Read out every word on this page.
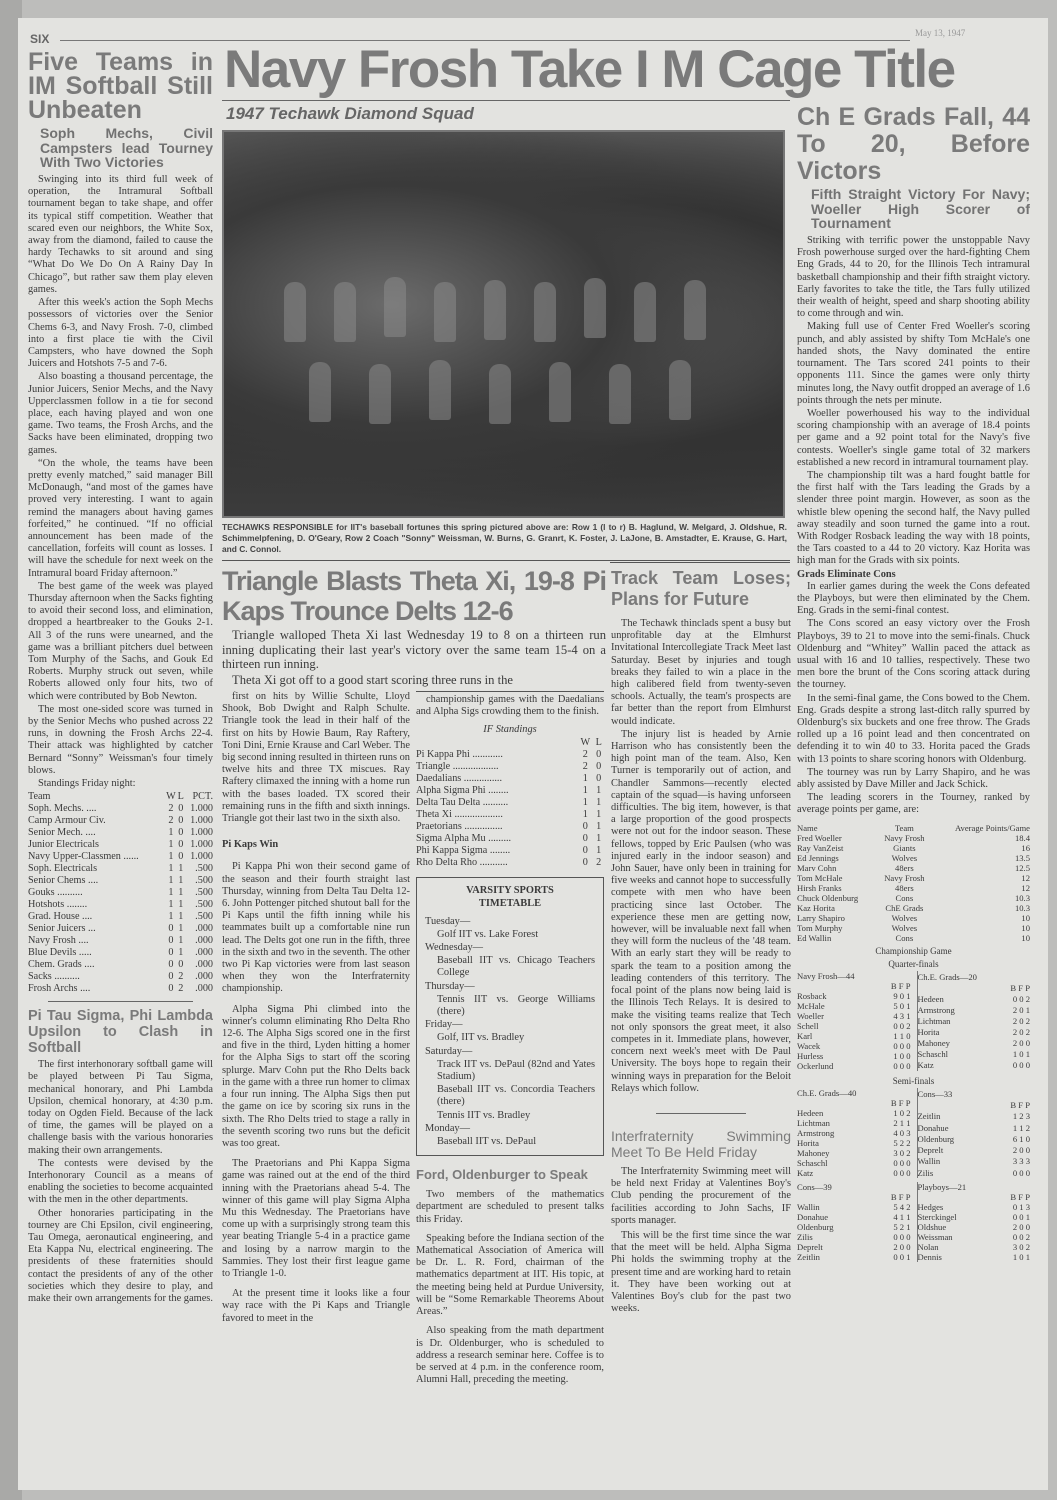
SIX	May 13, 1947
Navy Frosh Take I M Cage Title
1947 Techawk Diamond Squad
TECHAWKS RESPONSIBLE for IIT's baseball fortunes this spring pictured above are: Row 1 (l to r) B. Haglund, W. Melgard, J. Oldshue, R. Schimmelpfening, D. O'Geary, Row 2 Coach "Sonny" Weissman, W. Burns, G. Granrt, K. Foster, J. LaJone, B. Amstadter, E. Krause, G. Hart, and C. Connol.
Five Teams in IM Softball Still Unbeaten
Soph Mechs, Civil Campsters lead Tourney With Two Victories

Swinging into its third full week of operation, the Intramural Softball tournament began to take shape, and offer its typical stiff competition. Weather that scared even our neighbors, the White Sox, away from the diamond, failed to cause the hardy Techawks to sit around and sing “What Do We Do On A Rainy Day In Chicago”, but rather saw them play eleven games.

After this week's action the Soph Mechs possessors of victories over the Senior Chems 6-3, and Navy Frosh. 7-0, climbed into a first place tie with the Civil Campsters, who have downed the Soph Juicers and Hotshots 7-5 and 7-6.

Also boasting a thousand percentage, the Junior Juicers, Senior Mechs, and the Navy Upperclassmen follow in a tie for second place, each having played and won one game. Two teams, the Frosh Archs, and the Sacks have been eliminated, dropping two games.

“On the whole, the teams have been pretty evenly matched,” said manager Bill McDonaugh, “and most of the games have proved very interesting. I want to again remind the managers about having games forfeited,” he continued. “If no official announcement has been made of the cancellation, forfeits will count as losses. I will have the schedule for next week on the Intramural board Friday afternoon.”

The best game of the week was played Thursday afternoon when the Sacks fighting to avoid their second loss, and elimination, dropped a heartbreaker to the Gouks 2-1. All 3 of the runs were unearned, and the game was a brilliant pitchers duel between Tom Murphy of the Sachs, and Gouk Ed Roberts. Murphy struck out seven, while Roberts allowed only four hits, two of which were contributed by Bob Newton.

The most one-sided score was turned in by the Senior Mechs who pushed across 22 runs, in downing the Frosh Archs 22-4. Their attack was highlighted by catcher Bernard “Sonny” Weissman's four timely blows.

Standings Friday night:

Team	W	L	PCT.
Soph. Mechs. ....	2	0	1.000
Camp Armour Civ.	2	0	1.000
Senior Mech. ....	1	0	1.000
Junior Electricals	1	0	1.000
Navy Upper-Classmen ......	1	0	1.000
Soph. Electricals	1	1	.500
Senior Chems ....	1	1	.500
Gouks ..........	1	1	.500
Hotshots ........	1	1	.500
Grad. House ....	1	1	.500
Senior Juicers ...	0	1	.000
Navy Frosh ....	0	1	.000
Blue Devils .....	0	1	.000
Chem. Grads ....	0	0	.000
Sacks ..........	0	2	.000
Frosh Archs ....	0	2	.000
Pi Tau Sigma, Phi Lambda Upsilon to Clash in Softball

The first interhonorary softball game will be played between Pi Tau Sigma, mechanical honorary, and Phi Lambda Upsilon, chemical honorary, at 4:30 p.m. today on Ogden Field. Because of the lack of time, the games will be played on a challenge basis with the various honoraries making their own arrangements.

The contests were devised by the Interhonorary Council as a means of enabling the societies to become acquainted with the men in the other departments.

Other honoraries participating in the tourney are Chi Epsilon, civil engineering, Tau Omega, aeronautical engineering, and Eta Kappa Nu, electrical engineering. The presidents of these fraternities should contact the presidents of any of the other societies which they desire to play, and make their own arrangements for the games.

Triangle Blasts Theta Xi, 19-8 Pi Kaps Trounce Delts 12-6

Triangle walloped Theta Xi last Wednesday 19 to 8 on a thirteen run inning duplicating their last year's victory over the same team 15-4 on a thirteen run inning.

Theta Xi got off to a good start scoring three runs in the

first on hits by Willie Schulte, Lloyd Shook, Bob Dwight and Ralph Schulte. Triangle took the lead in their half of the first on hits by Howie Baum, Ray Raftery, Toni Dini, Ernie Krause and Carl Weber. The big second inning resulted in thirteen runs on twelve hits and three TX miscues. Ray Raftery climaxed the inning with a home run with the bases loaded. TX scored their remaining runs in the fifth and sixth innings. Triangle got their last two in the sixth also.

Pi Kaps Win

Pi Kappa Phi won their second game of the season and their fourth straight last Thursday, winning from Delta Tau Delta 12-6. John Pottenger pitched shutout ball for the Pi Kaps until the fifth inning while his teammates built up a comfortable nine run lead. The Delts got one run in the fifth, three in the sixth and two in the seventh. The other two Pi Kap victories were from last season when they won the Interfraternity championship.

Alpha Sigma Phi climbed into the winner's column eliminating Rho Delta Rho 12-6. The Alpha Sigs scored one in the first and five in the third, Lyden hitting a homer for the Alpha Sigs to start off the scoring splurge. Marv Cohn put the Rho Delts back in the game with a three run homer to climax a four run inning. The Alpha Sigs then put the game on ice by scoring six runs in the sixth. The Rho Delts tried to stage a rally in the seventh scoring two runs but the deficit was too great.

The Praetorians and Phi Kappa Sigma game was rained out at the end of the third inning with the Praetorians ahead 5-4. The winner of this game will play Sigma Alpha Mu this Wednesday. The Praetorians have come up with a surprisingly strong team this year beating Triangle 5-4 in a practice game and losing by a narrow margin to the Sammies. They lost their first league game to Triangle 1-0.

At the present time it looks like a four way race with the Pi Kaps and Triangle favored to meet in the

championship games with the Daedalians and Alpha Sigs crowding them to the finish.

IF Standings

	W	L
Pi Kappa Phi ............	2	0
Triangle ..................	2	0
Daedalians ...............	1	0
Alpha Sigma Phi ........	1	1
Delta Tau Delta ..........	1	1
Theta Xi ...................	1	1
Praetorians ...............	0	1
Sigma Alpha Mu .........	0	1
Phi Kappa Sigma ........	0	1
Rho Delta Rho ...........	0	2
VARSITY SPORTS TIMETABLE

Tuesday—

Golf IIT vs. Lake Forest

Wednesday—

Baseball IIT vs. Chicago Teachers College

Thursday—

Tennis IIT vs. George Williams (there)

Friday—

Golf, IIT vs. Bradley

Saturday—

Track IIT vs. DePaul (82nd and Yates Stadium)

Baseball IIT vs. Concordia Teachers (there)

Tennis IIT vs. Bradley

Monday—

Baseball IIT vs. DePaul

Ford, Oldenburger to Speak

Two members of the mathematics department are scheduled to present talks this Friday.

Speaking before the Indiana section of the Mathematical Association of America will be Dr. L. R. Ford, chairman of the mathematics department at IIT. His topic, at the meeting being held at Purdue University, will be “Some Remarkable Theorems About Areas.”

Also speaking from the math department is Dr. Oldenburger, who is scheduled to address a research seminar here. Coffee is to be served at 4 p.m. in the conference room, Alumni Hall, preceding the meeting.

Track Team Loses; Plans for Future

The Techawk thinclads spent a busy but unprofitable day at the Elmhurst Invitational Intercollegiate Track Meet last Saturday. Beset by injuries and tough breaks they failed to win a place in the high calibered field from twenty-seven schools. Actually, the team's prospects are far better than the report from Elmhurst would indicate.

The injury list is headed by Arnie Harrison who has consistently been the high point man of the team. Also, Ken Turner is temporarily out of action, and Chandler Sammons—recently elected captain of the squad—is having unforseen difficulties. The big item, however, is that a large proportion of the good prospects were not out for the indoor season. These fellows, topped by Eric Paulsen (who was injured early in the indoor season) and John Sauer, have only been in training for five weeks and cannot hope to successfully compete with men who have been practicing since last October. The experience these men are getting now, however, will be invaluable next fall when they will form the nucleus of the '48 team. With an early start they will be ready to spark the team to a position among the leading contenders of this territory. The focal point of the plans now being laid is the Illinois Tech Relays. It is desired to make the visiting teams realize that Tech not only sponsors the great meet, it also competes in it. Immediate plans, however, concern next week's meet with De Paul University. The boys hope to regain their winning ways in preparation for the Beloit Relays which follow.

Interfraternity Swimming Meet To Be Held Friday

The Interfraternity Swimming meet will be held next Friday at Valentines Boy's Club pending the procurement of the facilities according to John Sachs, IF sports manager.

This will be the first time since the war that the meet will be held. Alpha Sigma Phi holds the swimming trophy at the present time and are working hard to retain it. They have been working out at Valentines Boy's club for the past two weeks.

Ch E Grads Fall, 44 To 20, Before Victors
Fifth Straight Victory For Navy; Woeller High Scorer of Tournament

Striking with terrific power the unstoppable Navy Frosh powerhouse surged over the hard-fighting Chem Eng Grads, 44 to 20, for the Illinois Tech intramural basketball championship and their fifth straight victory. Early favorites to take the title, the Tars fully utilized their wealth of height, speed and sharp shooting ability to come through and win.

Making full use of Center Fred Woeller's scoring punch, and ably assisted by shifty Tom McHale's one handed shots, the Navy dominated the entire tournament. The Tars scored 241 points to their opponents 111. Since the games were only thirty minutes long, the Navy outfit dropped an average of 1.6 points through the nets per minute.

Woeller powerhoused his way to the individual scoring championship with an average of 18.4 points per game and a 92 point total for the Navy's five contests. Woeller's single game total of 32 markers established a new record in intramural tournament play.

The championship tilt was a hard fought battle for the first half with the Tars leading the Grads by a slender three point margin. However, as soon as the whistle blew opening the second half, the Navy pulled away steadily and soon turned the game into a rout. With Rodger Rosback leading the way with 18 points, the Tars coasted to a 44 to 20 victory. Kaz Horita was high man for the Grads with six points.

Grads Eliminate Cons

In earlier games during the week the Cons defeated the Playboys, but were then eliminated by the Chem. Eng. Grads in the semi-final contest.

The Cons scored an easy victory over the Frosh Playboys, 39 to 21 to move into the semi-finals. Chuck Oldenburg and “Whitey” Wallin paced the attack as usual with 16 and 10 tallies, respectively. These two men bore the brunt of the Cons scoring attack during the tourney.

In the semi-final game, the Cons bowed to the Chem. Eng. Grads despite a strong last-ditch rally spurred by Oldenburg's six buckets and one free throw. The Grads rolled up a 16 point lead and then concentrated on defending it to win 40 to 33. Horita paced the Grads with 13 points to share scoring honors with Oldenburg.

The tourney was run by Larry Shapiro, and he was ably assisted by Dave Miller and Jack Schick.

The leading scorers in the Tourney, ranked by average points per game, are:

Name	Team	Average Points/Game
Fred Woeller	Navy Frosh	18.4
Ray VanZeist	Giants	16
Ed Jennings	Wolves	13.5
Marv Cohn	48ers	12.5
Tom McHale	Navy Frosh	12
Hirsh Franks	48ers	12
Chuck Oldenburg	Cons	10.3
Kaz Horita	ChE Grads	10.3
Larry Shapiro	Wolves	10
Tom Murphy	Wolves	10
Ed Wallin	Cons	10

Championship Game

Quarter-finals

Navy Frosh—44	
	B F P
Rosback	9 0 1
McHale	5 0 1
Woeller	4 3 1
Schell	0 0 2
Karl	1 1 0
Wacek	0 0 0
Hurless	1 0 0
Ockerlund	0 0 0
Ch.E. Grads—20	
	B F P
Hedeen	0 0 2
Armstrong	2 0 1
Lichtman	2 0 2
Horita	2 0 2
Mahoney	2 0 0
Schaschl	1 0 1
Katz	0 0 0

Semi-finals

Ch.E. Grads—40	
	B F P
Hedeen	1 0 2
Lichtman	2 1 1
Armstrong	4 0 3
Horita	5 2 2
Mahoney	3 0 2
Schaschl	0 0 0
Katz	0 0 0
Cons—33	
	B F P
Zeitlin	1 2 3
Donahue	1 1 2
Oldenburg	6 1 0
Deprelt	2 0 0
Wallin	3 3 3
Zilis	0 0 0
Cons—39	
	B F P
Wallin	5 4 2
Donahue	4 1 1
Oldenburg	5 2 1
Zilis	0 0 0
Deprelt	2 0 0
Zeitlin	0 0 1
Playboys—21	
	B F P
Hedges	0 1 3
Sterckingel	0 0 1
Oldshue	2 0 0
Weissman	0 0 2
Nolan	3 0 2
Dennis	1 0 1
